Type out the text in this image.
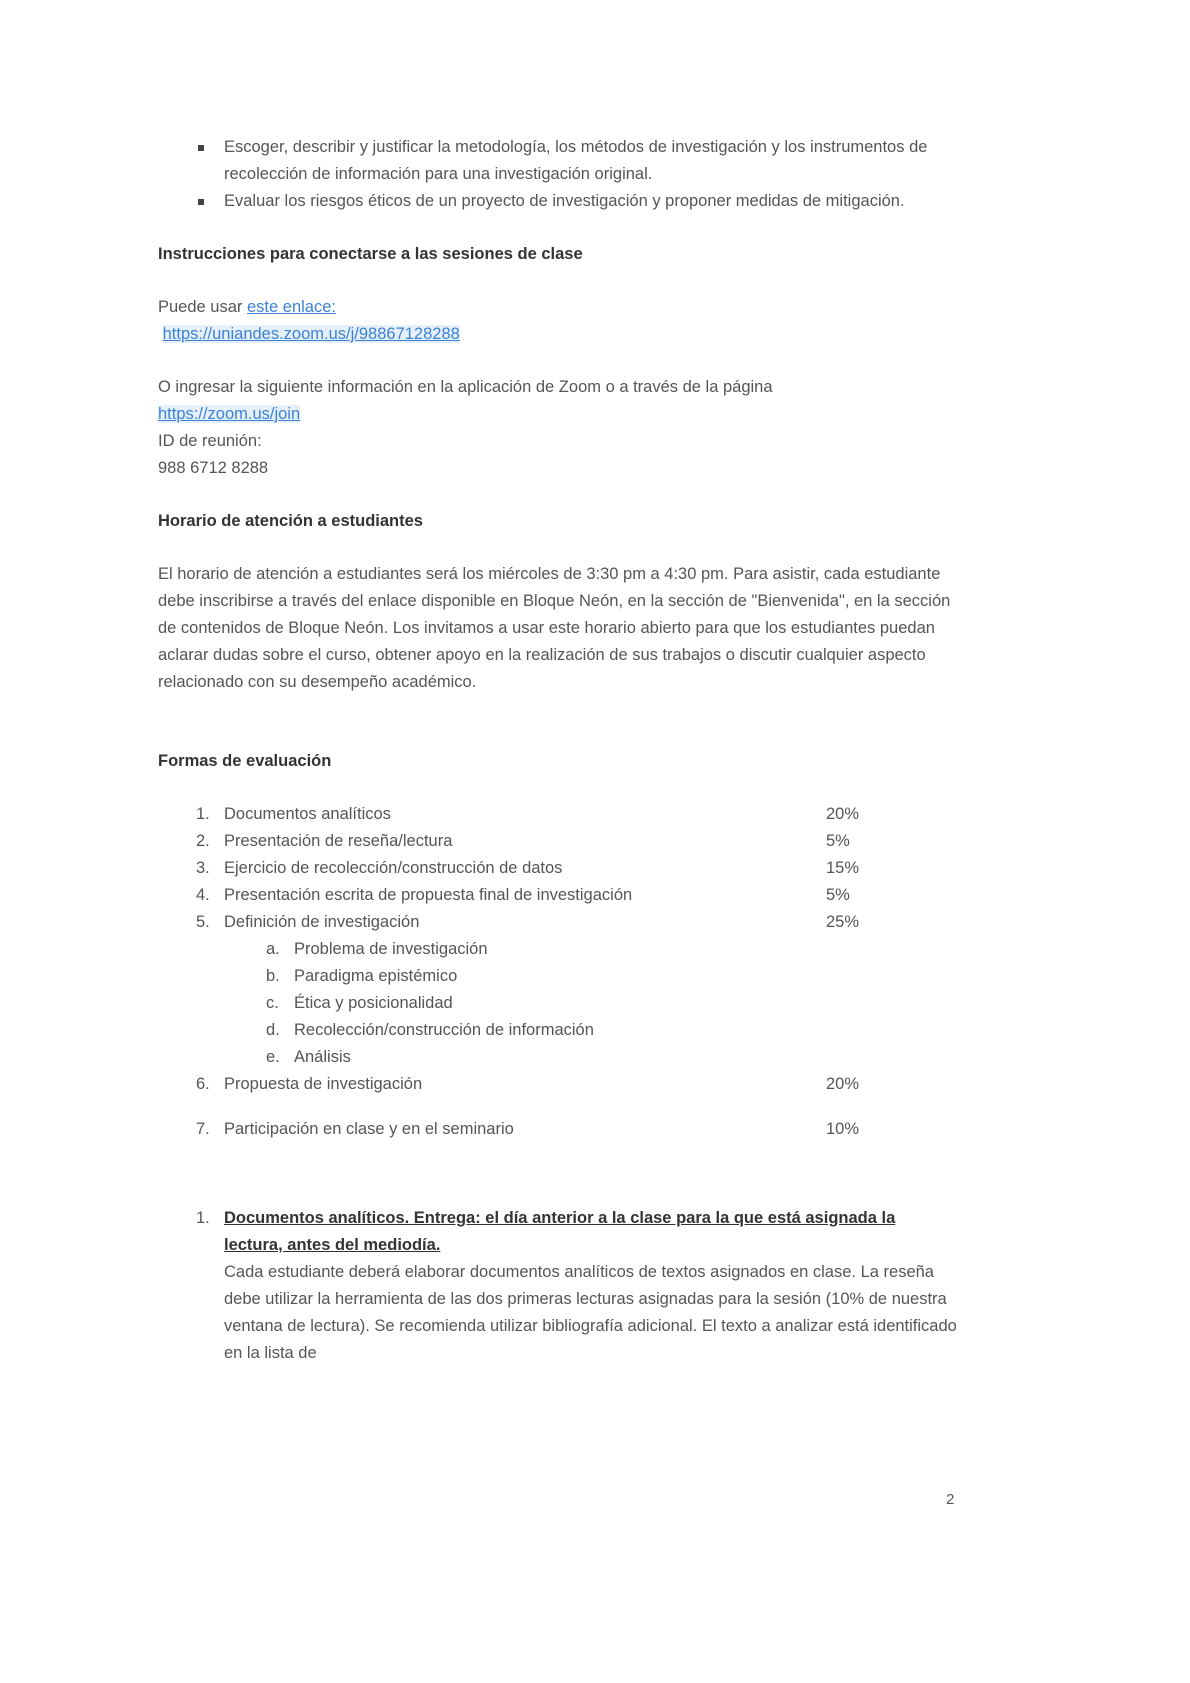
Escoger, describir y justificar la metodología, los métodos de investigación y los instrumentos de recolección de información para una investigación original.
Evaluar los riesgos éticos de un proyecto de investigación y proponer medidas de mitigación.
Instrucciones para conectarse a las sesiones de clase

Puede usar este enlace:
https://uniandes.zoom.us/j/98867128288

O ingresar la siguiente información en la aplicación de Zoom o a través de la página
https://zoom.us/join
ID de reunión:
988 6712 8288

Horario de atención a estudiantes

El horario de atención a estudiantes será los miércoles de 3:30 pm a 4:30 pm. Para asistir, cada estudiante debe inscribirse a través del enlace disponible en Bloque Neón, en la sección de "Bienvenida", en la sección de contenidos de Bloque Neón. Los invitamos a usar este horario abierto para que los estudiantes puedan aclarar dudas sobre el curso, obtener apoyo en la realización de sus trabajos o discutir cualquier aspecto relacionado con su desempeño académico.

Formas de evaluación
1. Documentos analíticos	20%
2. Presentación de reseña/lectura	5%
3. Ejercicio de recolección/construcción de datos	15%
4. Presentación escrita de propuesta final de investigación	5%
5. Definición de investigación	25%
a. Problema de investigación
b. Paradigma epistémico
c. Ética y posicionalidad
d. Recolección/construcción de información
e. Análisis
6. Propuesta de investigación	20%
7. Participación en clase y en el seminario	10%
1. Documentos analíticos. Entrega: el día anterior a la clase para la que está asignada la lectura, antes del mediodía.
Cada estudiante deberá elaborar documentos analíticos de textos asignados en clase. La reseña debe utilizar la herramienta de las dos primeras lecturas asignadas para la sesión (10% de nuestra ventana de lectura). Se recomienda utilizar bibliografía adicional. El texto a analizar está identificado en la lista de
2
